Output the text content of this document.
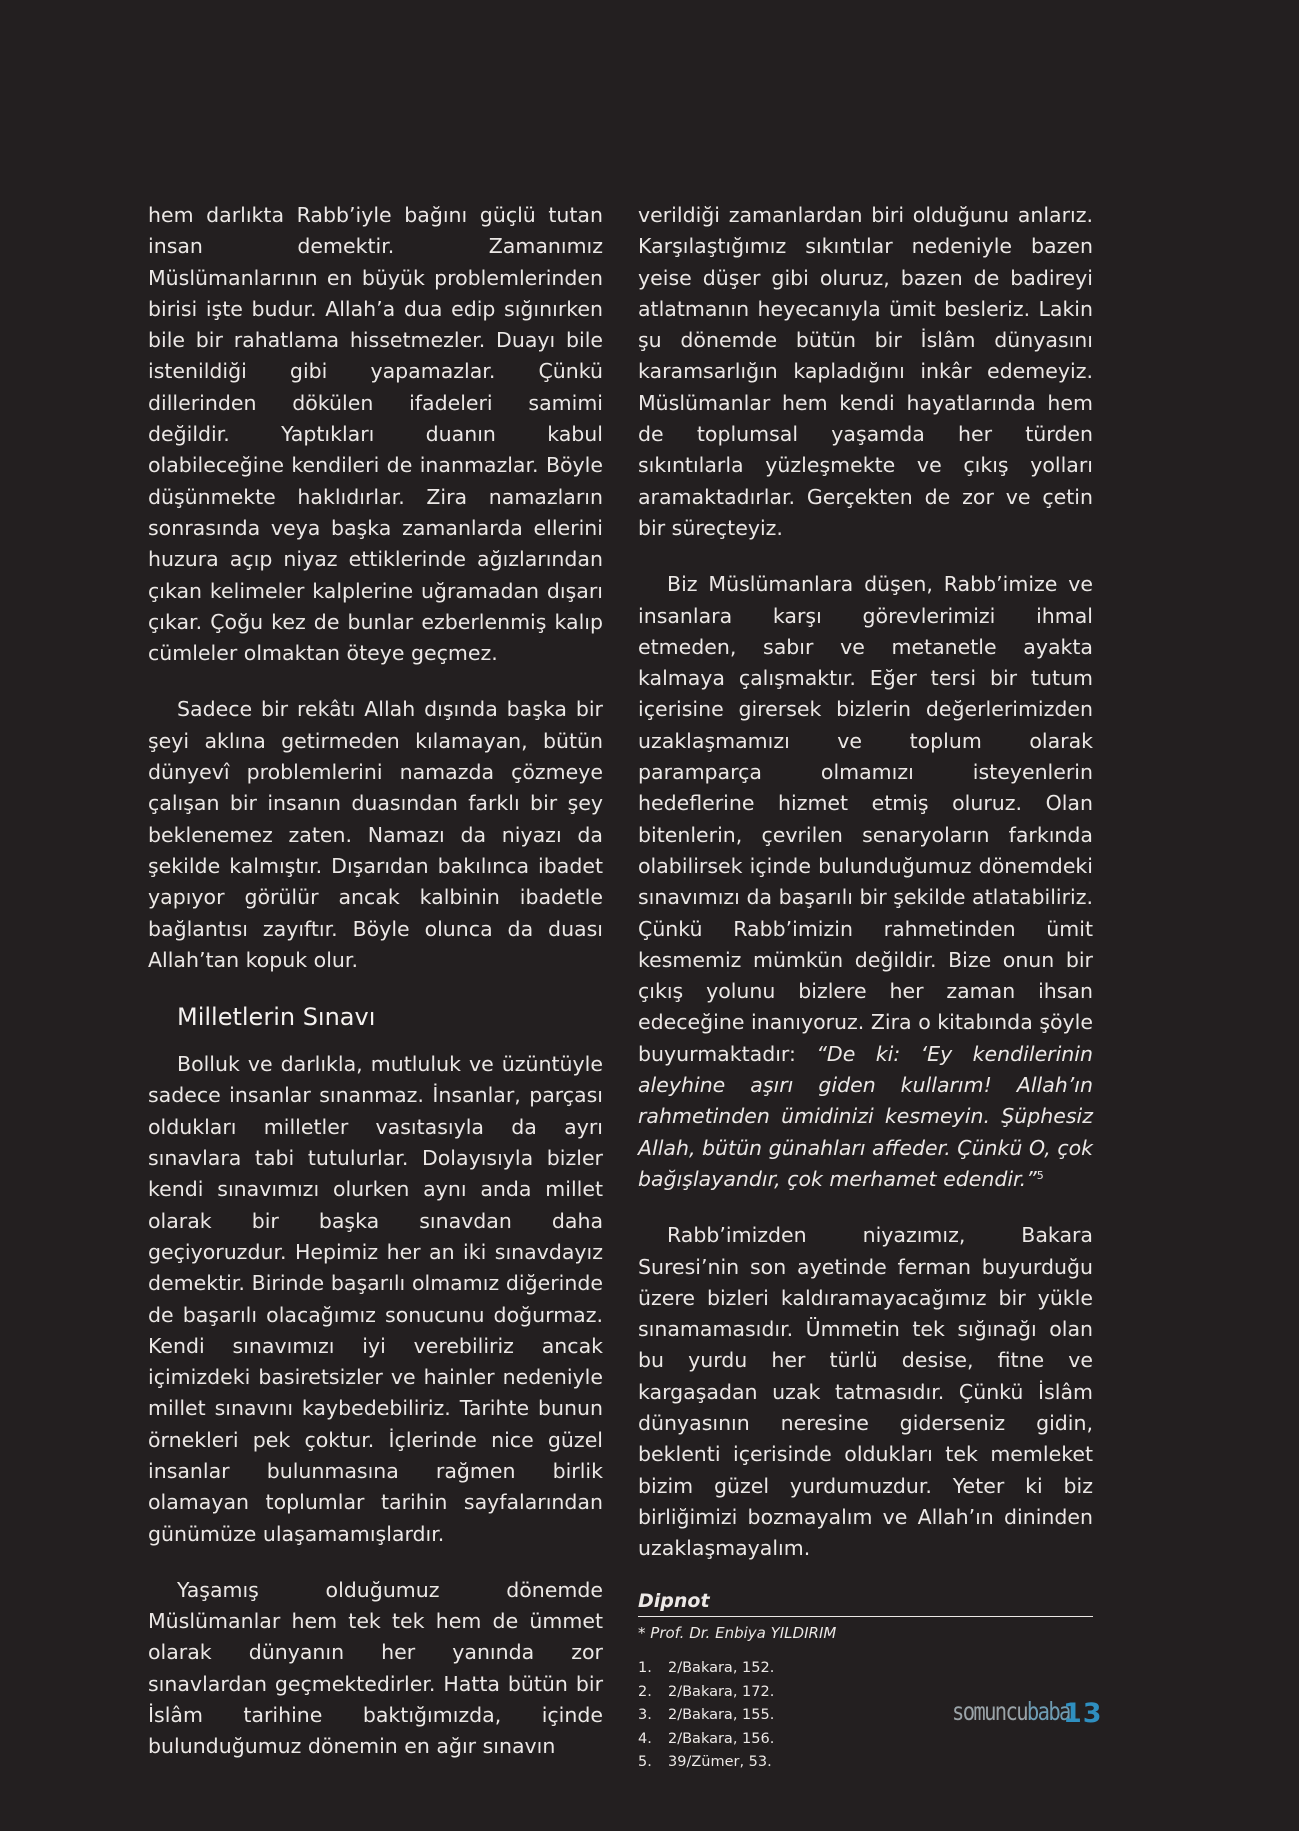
hem darlıkta Rabb’iyle bağını güçlü tutan insan demektir. Zamanımız Müslümanlarının en büyük problemlerinden birisi işte budur. Allah’a dua edip sığınırken bile bir rahatlama hissetmezler. Duayı bile istenildiği gibi yapamazlar. Çünkü dillerinden dökülen ifadeleri samimi değildir. Yaptıkları duanın kabul olabileceğine kendileri de inanmazlar. Böyle düşünmekte haklıdırlar. Zira namazların sonrasında veya başka zamanlarda ellerini huzura açıp niyaz ettiklerinde ağızlarından çıkan kelimeler kalplerine uğramadan dışarı çıkar. Çoğu kez de bunlar ezberlenmiş kalıp cümleler olmaktan öteye geçmez.

Sadece bir rekâtı Allah dışında başka bir şeyi aklına getirmeden kılamayan, bütün dünyevî problemlerini namazda çözmeye çalışan bir insanın duasından farklı bir şey beklenemez zaten. Namazı da niyazı da şekilde kalmıştır. Dışarıdan bakılınca ibadet yapıyor görülür ancak kalbinin ibadetle bağlantısı zayıftır. Böyle olunca da duası Allah’tan kopuk olur.

Milletlerin Sınavı

Bolluk ve darlıkla, mutluluk ve üzüntüyle sadece insanlar sınanmaz. İnsanlar, parçası oldukları milletler vasıtasıyla da ayrı sınavlara tabi tutulurlar. Dolayısıyla bizler kendi sınavımızı olurken aynı anda millet olarak bir başka sınavdan daha geçiyoruzdur. Hepimiz her an iki sınavdayız demektir. Birinde başarılı olmamız diğerinde de başarılı olacağımız sonucunu doğurmaz. Kendi sınavımızı iyi verebiliriz ancak içimizdeki basiretsizler ve hainler nedeniyle millet sınavını kaybedebiliriz. Tarihte bunun örnekleri pek çoktur. İçlerinde nice güzel insanlar bulunmasına rağmen birlik olamayan toplumlar tarihin sayfalarından günümüze ulaşamamışlardır.

Yaşamış olduğumuz dönemde Müslümanlar hem tek tek hem de ümmet olarak dünyanın her yanında zor sınavlardan geçmektedirler. Hatta bütün bir İslâm tarihine baktığımızda, içinde bulunduğumuz dönemin en ağır sınavın

verildiği zamanlardan biri olduğunu anlarız. Karşılaştığımız sıkıntılar nedeniyle bazen yeise düşer gibi oluruz, bazen de badireyi atlatmanın heyecanıyla ümit besleriz. Lakin şu dönemde bütün bir İslâm dünyasını karamsarlığın kapladığını inkâr edemeyiz. Müslümanlar hem kendi hayatlarında hem de toplumsal yaşamda her türden sıkıntılarla yüzleşmekte ve çıkış yolları aramaktadırlar. Gerçekten de zor ve çetin bir süreçteyiz.

Biz Müslümanlara düşen, Rabb’imize ve insanlara karşı görevlerimizi ihmal etmeden, sabır ve metanetle ayakta kalmaya çalışmaktır. Eğer tersi bir tutum içerisine girersek bizlerin değerlerimizden uzaklaşmamızı ve toplum olarak paramparça olmamızı isteyenlerin hedeflerine hizmet etmiş oluruz. Olan bitenlerin, çevrilen senaryoların farkında olabilirsek içinde bulunduğumuz dönemdeki sınavımızı da başarılı bir şekilde atlatabiliriz. Çünkü Rabb’imizin rahmetinden ümit kesmemiz mümkün değildir. Bize onun bir çıkış yolunu bizlere her zaman ihsan edeceğine inanıyoruz. Zira o kitabında şöyle buyurmaktadır: “De ki: ‘Ey kendilerinin aleyhine aşırı giden kullarım! Allah’ın rahmetinden ümidinizi kesmeyin. Şüphesiz Allah, bütün günahları affeder. Çünkü O, çok bağışlayandır, çok merhamet edendir.”$^5$

Rabb’imizden niyazımız, Bakara Suresi’nin son ayetinde ferman buyurduğu üzere bizleri kaldıramayacağımız bir yükle sınamamasıdır. Ümmetin tek sığınağı olan bu yurdu her türlü desise, fitne ve kargaşadan uzak tatmasıdır. Çünkü İslâm dünyasının neresine giderseniz gidin, beklenti içerisinde oldukları tek memleket bizim güzel yurdumuzdur. Yeter ki biz birliğimizi bozmayalım ve Allah’ın dininden uzaklaşmayalım.

Dipnot
* Prof. Dr. Enbiya YILDIRIM
1.	2/Bakara, 152.
2.	2/Bakara, 172.
3.	2/Bakara, 155.
4.	2/Bakara, 156.
5.	39/Zümer, 53.
somuncubaba
13
